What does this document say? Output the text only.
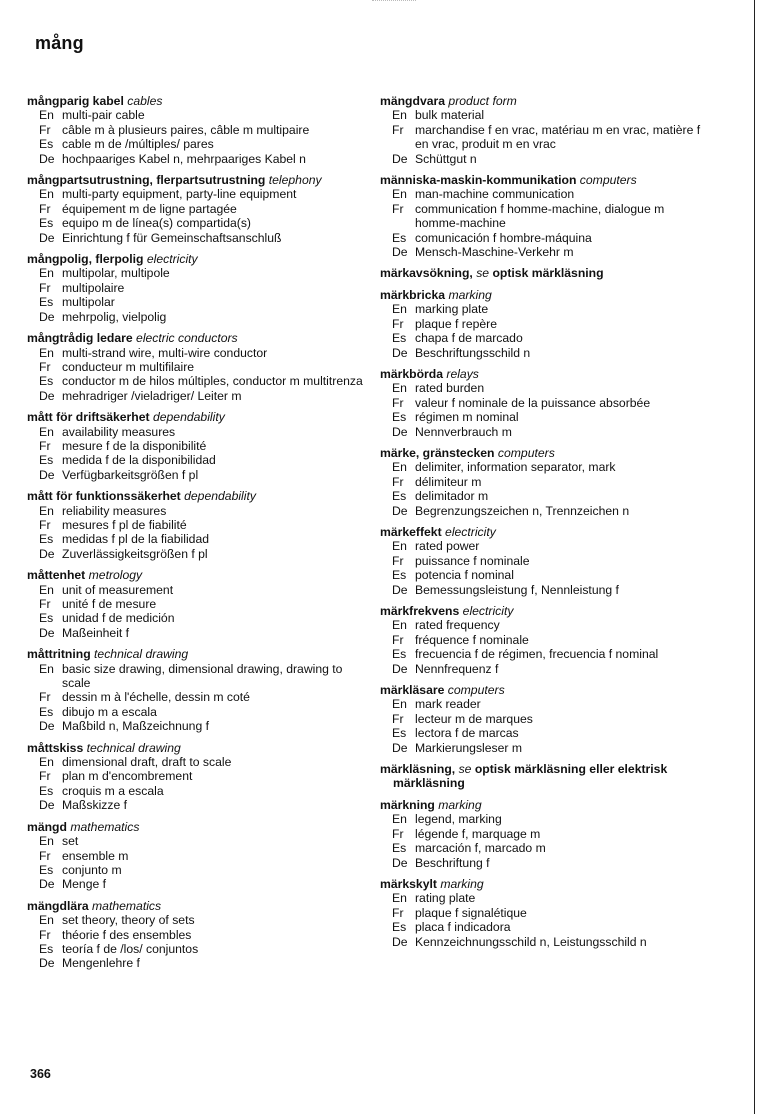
mång
mångparig kabel cables
En multi-pair cable
Fr câble m à plusieurs paires, câble m multipaire
Es cable m de /múltiples/ pares
De hochpaariges Kabel n, mehrpaariges Kabel n
mångpartsutrustning, flerpartsutrustning telephony
En multi-party equipment, party-line equipment
Fr équipement m de ligne partagée
Es equipo m de línea(s) compartida(s)
De Einrichtung f für Gemeinschaftsanschluß
mångpolig, flerpolig electricity
En multipolar, multipole
Fr multipolaire
Es multipolar
De mehrpolig, vielpolig
mångtrådig ledare electric conductors
En multi-strand wire, multi-wire conductor
Fr conducteur m multifilaire
Es conductor m de hilos múltiples, conductor m multitrenza
De mehradriger /vieladriger/ Leiter m
mått för driftsäkerhet dependability
En availability measures
Fr mesure f de la disponibilité
Es medida f de la disponibilidad
De Verfügbarkeitsgrößen f pl
mått för funktionssäkerhet dependability
En reliability measures
Fr mesures f pl de fiabilité
Es medidas f pl de la fiabilidad
De Zuverlässigkeitsgrößen f pl
måttenhet metrology
En unit of measurement
Fr unité f de mesure
Es unidad f de medición
De Maßeinheit f
måttritning technical drawing
En basic size drawing, dimensional drawing, drawing to scale
Fr dessin m à l'échelle, dessin m coté
Es dibujo m a escala
De Maßbild n, Maßzeichnung f
måttskiss technical drawing
En dimensional draft, draft to scale
Fr plan m d'encombrement
Es croquis m a escala
De Maßskizze f
mängd mathematics
En set
Fr ensemble m
Es conjunto m
De Menge f
mängdlära mathematics
En set theory, theory of sets
Fr théorie f des ensembles
Es teoría f de /los/ conjuntos
De Mengenlehre f
mängdvara product form
En bulk material
Fr marchandise f en vrac, matériau m en vrac, matière f en vrac, produit m en vrac
De Schüttgut n
människa-maskin-kommunikation computers
En man-machine communication
Fr communication f homme-machine, dialogue m homme-machine
Es comunicación f hombre-máquina
De Mensch-Maschine-Verkehr m
märkavsökning, se optisk märkläsning
märkbricka marking
En marking plate
Fr plaque f repère
Es chapa f de marcado
De Beschriftungsschild n
märkbörda relays
En rated burden
Fr valeur f nominale de la puissance absorbée
Es régimen m nominal
De Nennverbrauch m
märke, gränstecken computers
En delimiter, information separator, mark
Fr délimiteur m
Es delimitador m
De Begrenzungszeichen n, Trennzeichen n
märkeffekt electricity
En rated power
Fr puissance f nominale
Es potencia f nominal
De Bemessungsleistung f, Nennleistung f
märkfrekvens electricity
En rated frequency
Fr fréquence f nominale
Es frecuencia f de régimen, frecuencia f nominal
De Nennfrequenz f
märkläsare computers
En mark reader
Fr lecteur m de marques
Es lectora f de marcas
De Markierungsleser m
märkläsning, se optisk märkläsning eller elektrisk märkläsning
märkning marking
En legend, marking
Fr légende f, marquage m
Es marcación f, marcado m
De Beschriftung f
märkskylt marking
En rating plate
Fr plaque f signalétique
Es placa f indicadora
De Kennzeichnungsschild n, Leistungsschild n
366
